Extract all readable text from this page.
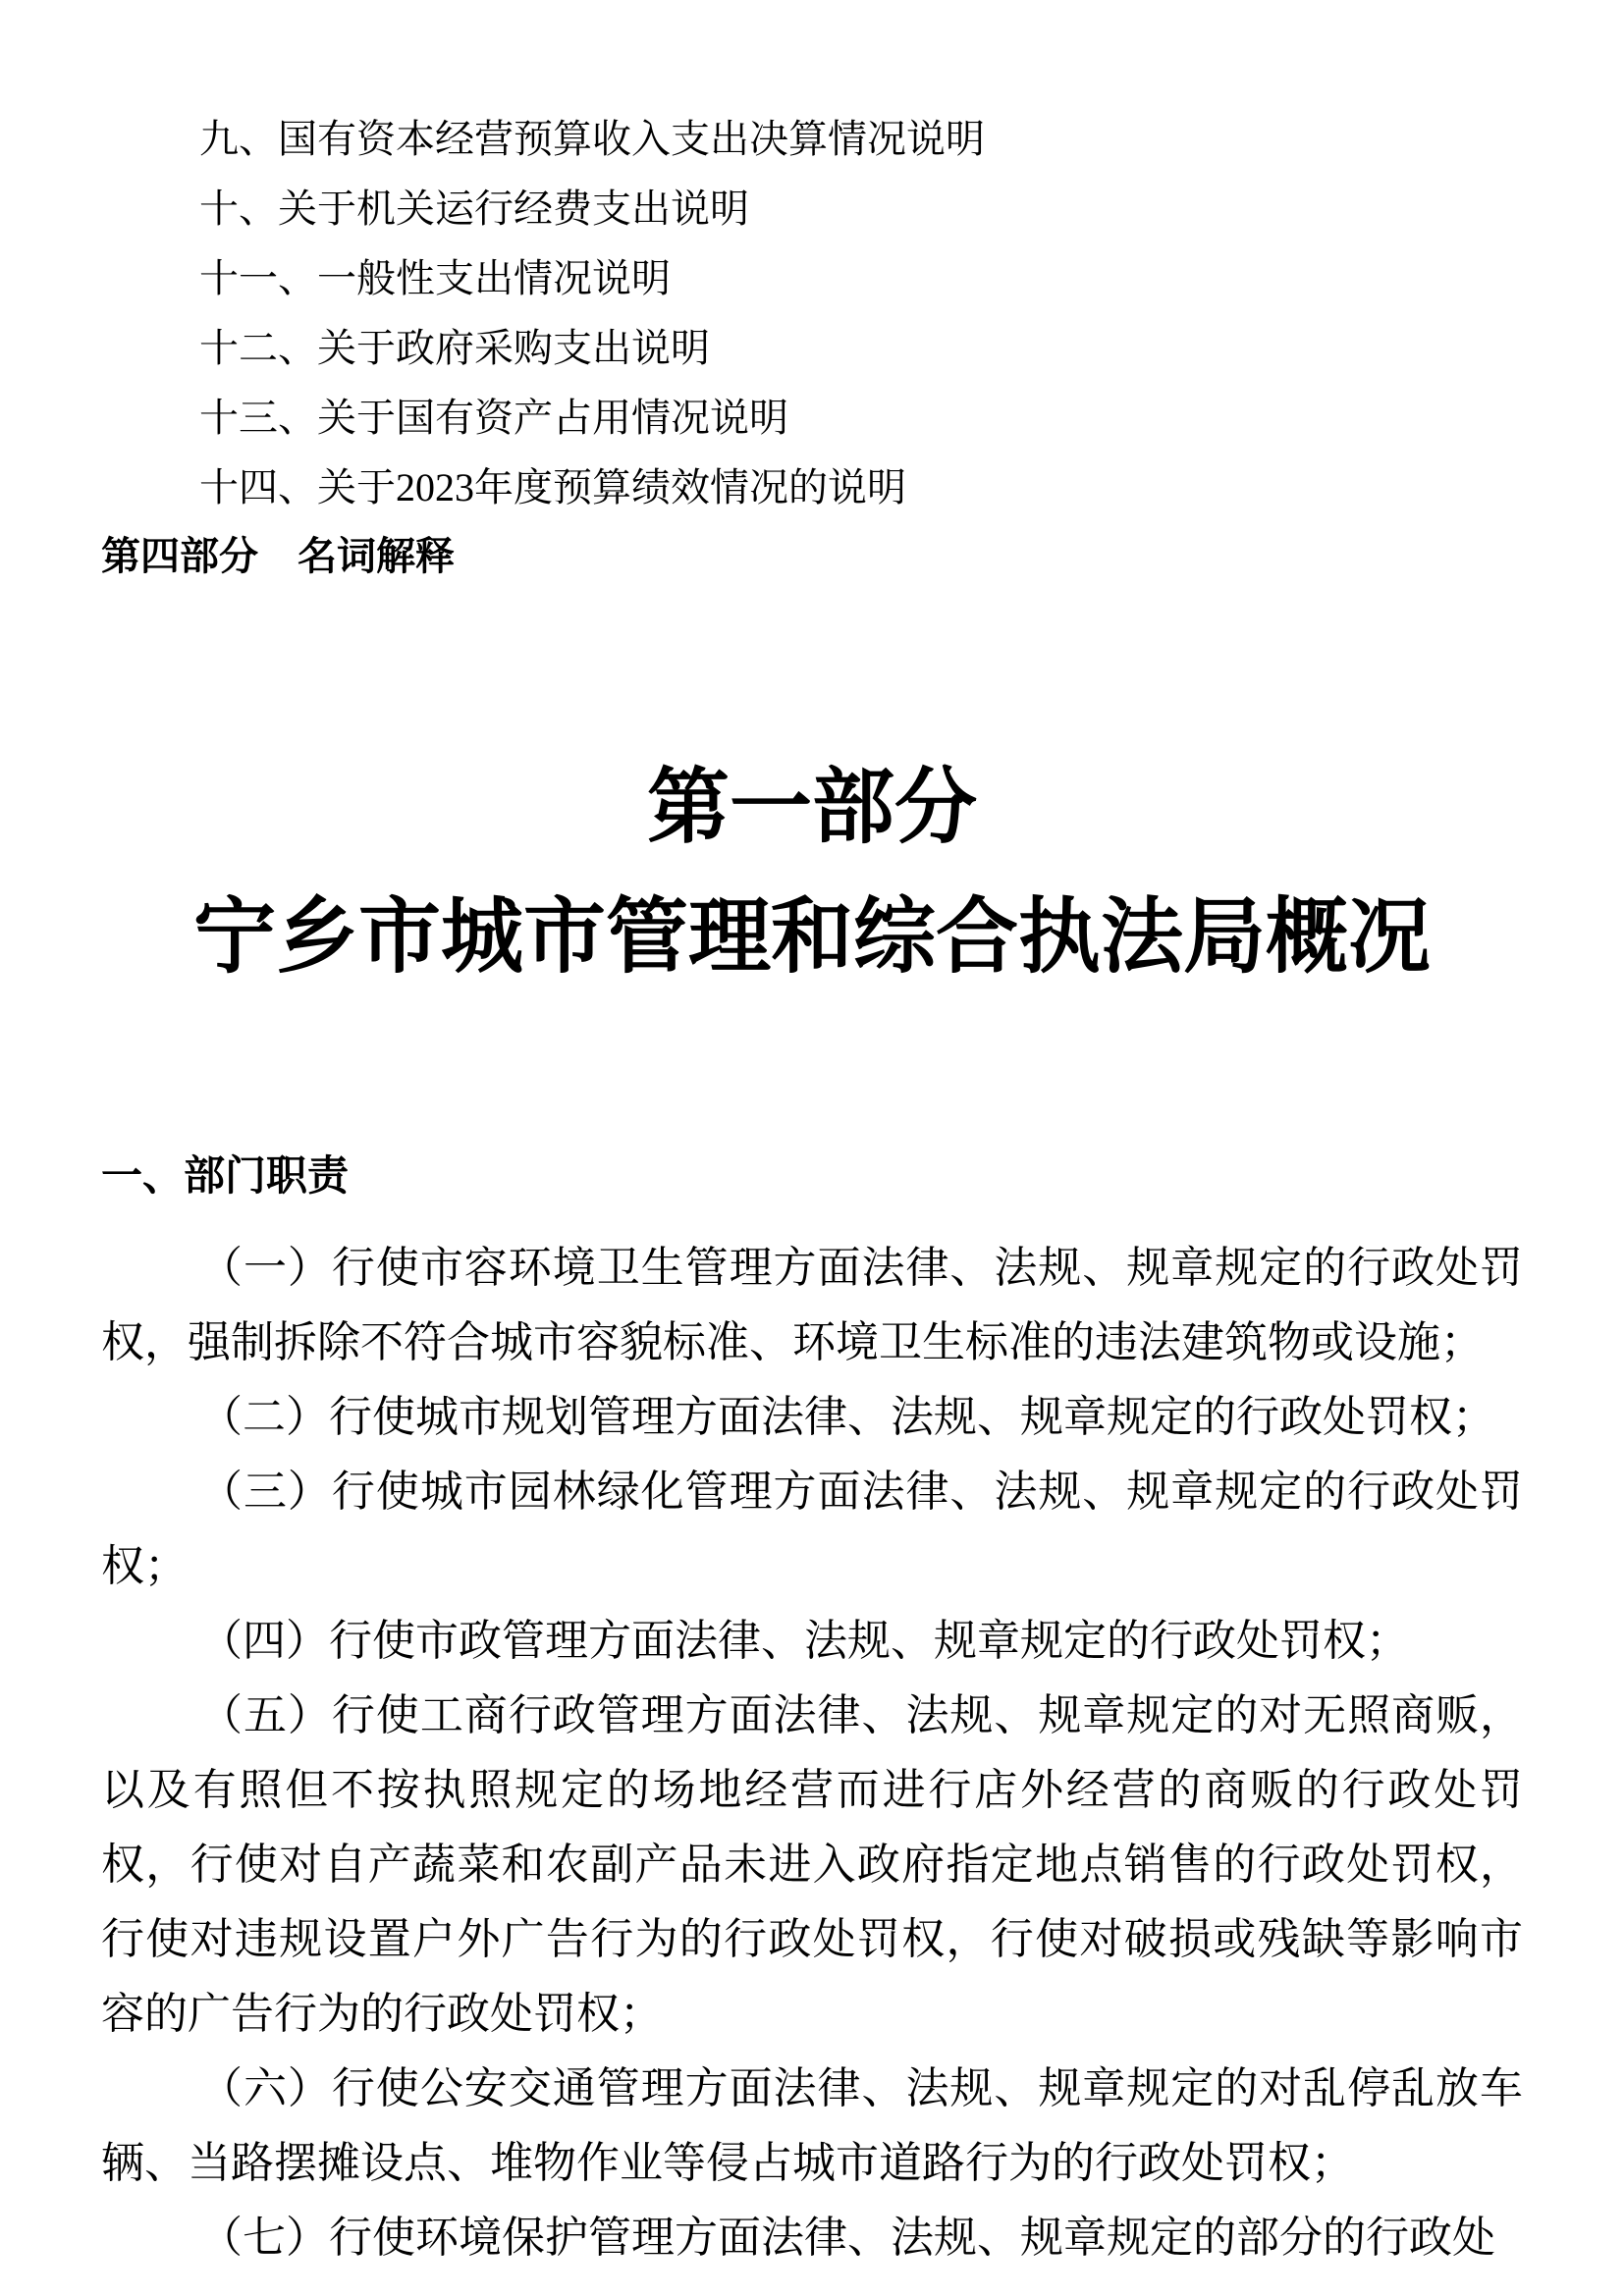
九、国有资本经营预算收入支出决算情况说明
十、关于机关运行经费支出说明
十一、一般性支出情况说明
十二、关于政府采购支出说明
十三、关于国有资产占用情况说明
十四、关于2023年度预算绩效情况的说明
第四部分　名词解释
第一部分
宁乡市城市管理和综合执法局概况
一、部门职责

（一）行使市容环境卫生管理方面法律、法规、规章规定的行政处罚权，强制拆除不符合城市容貌标准、环境卫生标准的违法建筑物或设施；

（二）行使城市规划管理方面法律、法规、规章规定的行政处罚权；

（三）行使城市园林绿化管理方面法律、法规、规章规定的行政处罚权；

（四）行使市政管理方面法律、法规、规章规定的行政处罚权；

（五）行使工商行政管理方面法律、法规、规章规定的对无照商贩，以及有照但不按执照规定的场地经营而进行店外经营的商贩的行政处罚权，行使对自产蔬菜和农副产品未进入政府指定地点销售的行政处罚权，行使对违规设置户外广告行为的行政处罚权，行使对破损或残缺等影响市容的广告行为的行政处罚权；

（六）行使公安交通管理方面法律、法规、规章规定的对乱停乱放车辆、当路摆摊设点、堆物作业等侵占城市道路行为的行政处罚权；

（七）行使环境保护管理方面法律、法规、规章规定的部分的行政处
